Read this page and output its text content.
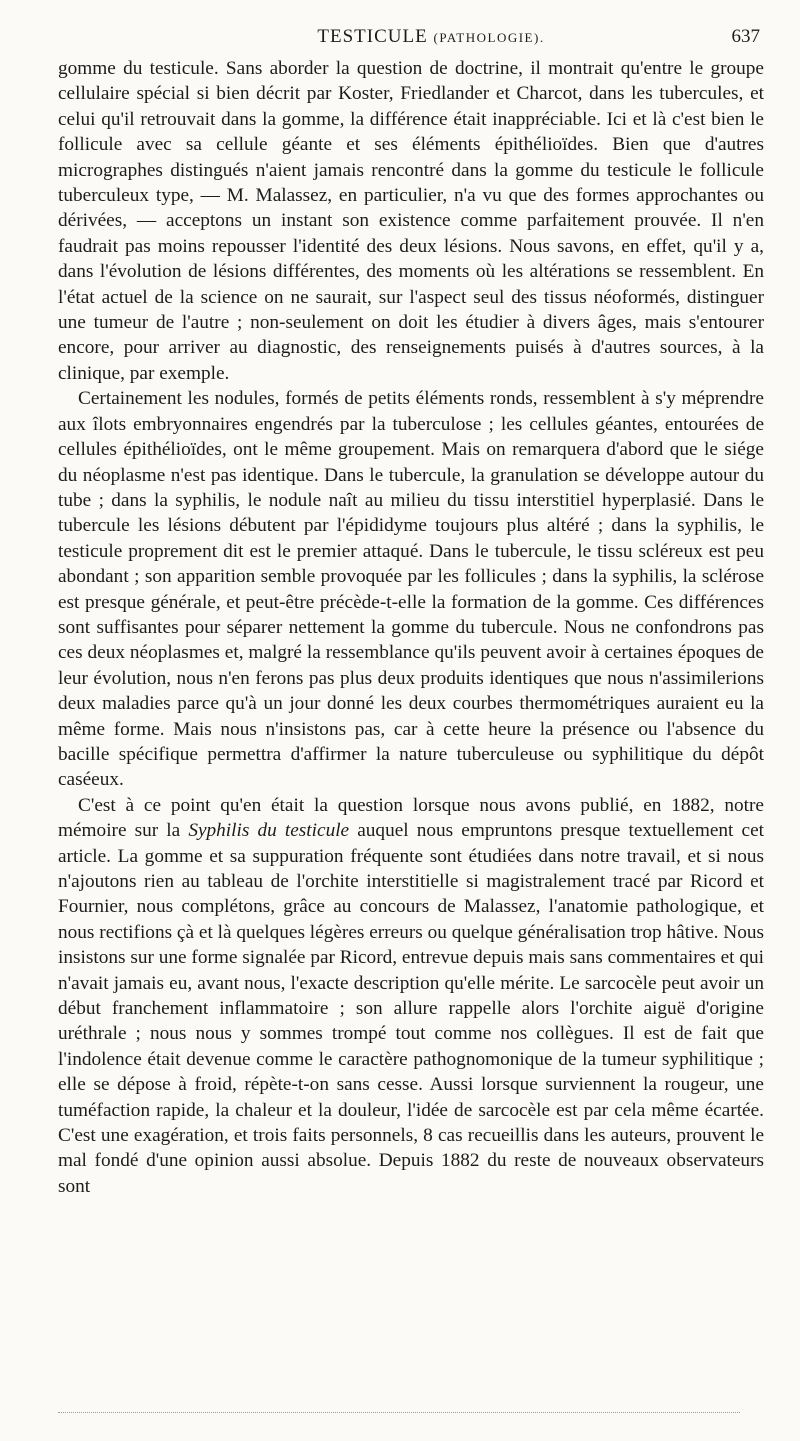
TESTICULE (PATHOLOGIE).	637

gomme du testicule. Sans aborder la question de doctrine, il montrait qu'entre le groupe cellulaire spécial si bien décrit par Koster, Friedlander et Charcot, dans les tubercules, et celui qu'il retrouvait dans la gomme, la différence était inappréciable. Ici et là c'est bien le follicule avec sa cellule géante et ses éléments épithélioïdes. Bien que d'autres micrographes distingués n'aient jamais rencontré dans la gomme du testicule le follicule tuberculeux type, — M. Malassez, en particulier, n'a vu que des formes approchantes ou dérivées, — acceptons un instant son existence comme parfaitement prouvée. Il n'en faudrait pas moins repousser l'identité des deux lésions. Nous savons, en effet, qu'il y a, dans l'évolution de lésions différentes, des moments où les altérations se ressemblent. En l'état actuel de la science on ne saurait, sur l'aspect seul des tissus néoformés, distinguer une tumeur de l'autre ; non-seulement on doit les étudier à divers âges, mais s'entourer encore, pour arriver au diagnostic, des renseignements puisés à d'autres sources, à la clinique, par exemple.

Certainement les nodules, formés de petits éléments ronds, ressemblent à s'y méprendre aux îlots embryonnaires engendrés par la tuberculose ; les cellules géantes, entourées de cellules épithélioïdes, ont le même groupement. Mais on remarquera d'abord que le siége du néoplasme n'est pas identique. Dans le tubercule, la granulation se développe autour du tube ; dans la syphilis, le nodule naît au milieu du tissu interstitiel hyperplasié. Dans le tubercule les lésions débutent par l'épididyme toujours plus altéré ; dans la syphilis, le testicule proprement dit est le premier attaqué. Dans le tubercule, le tissu scléreux est peu abondant ; son apparition semble provoquée par les follicules ; dans la syphilis, la sclérose est presque générale, et peut-être précède-t-elle la formation de la gomme. Ces différences sont suffisantes pour séparer nettement la gomme du tubercule. Nous ne confondrons pas ces deux néoplasmes et, malgré la ressemblance qu'ils peuvent avoir à certaines époques de leur évolution, nous n'en ferons pas plus deux produits identiques que nous n'assimilerions deux maladies parce qu'à un jour donné les deux courbes thermométriques auraient eu la même forme. Mais nous n'insistons pas, car à cette heure la présence ou l'absence du bacille spécifique permettra d'affirmer la nature tuberculeuse ou syphilitique du dépôt caséeux.

C'est à ce point qu'en était la question lorsque nous avons publié, en 1882, notre mémoire sur la Syphilis du testicule auquel nous empruntons presque textuellement cet article. La gomme et sa suppuration fréquente sont étudiées dans notre travail, et si nous n'ajoutons rien au tableau de l'orchite interstitielle si magistralement tracé par Ricord et Fournier, nous complétons, grâce au concours de Malassez, l'anatomie pathologique, et nous rectifions çà et là quelques légères erreurs ou quelque généralisation trop hâtive. Nous insistons sur une forme signalée par Ricord, entrevue depuis mais sans commentaires et qui n'avait jamais eu, avant nous, l'exacte description qu'elle mérite. Le sarcocèle peut avoir un début franchement inflammatoire ; son allure rappelle alors l'orchite aiguë d'origine uréthrale ; nous nous y sommes trompé tout comme nos collègues. Il est de fait que l'indolence était devenue comme le caractère pathognomonique de la tumeur syphilitique ; elle se dépose à froid, répète-t-on sans cesse. Aussi lorsque surviennent la rougeur, une tuméfaction rapide, la chaleur et la douleur, l'idée de sarcocèle est par cela même écartée. C'est une exagération, et trois faits personnels, 8 cas recueillis dans les auteurs, prouvent le mal fondé d'une opinion aussi absolue. Depuis 1882 du reste de nouveaux observateurs sont
